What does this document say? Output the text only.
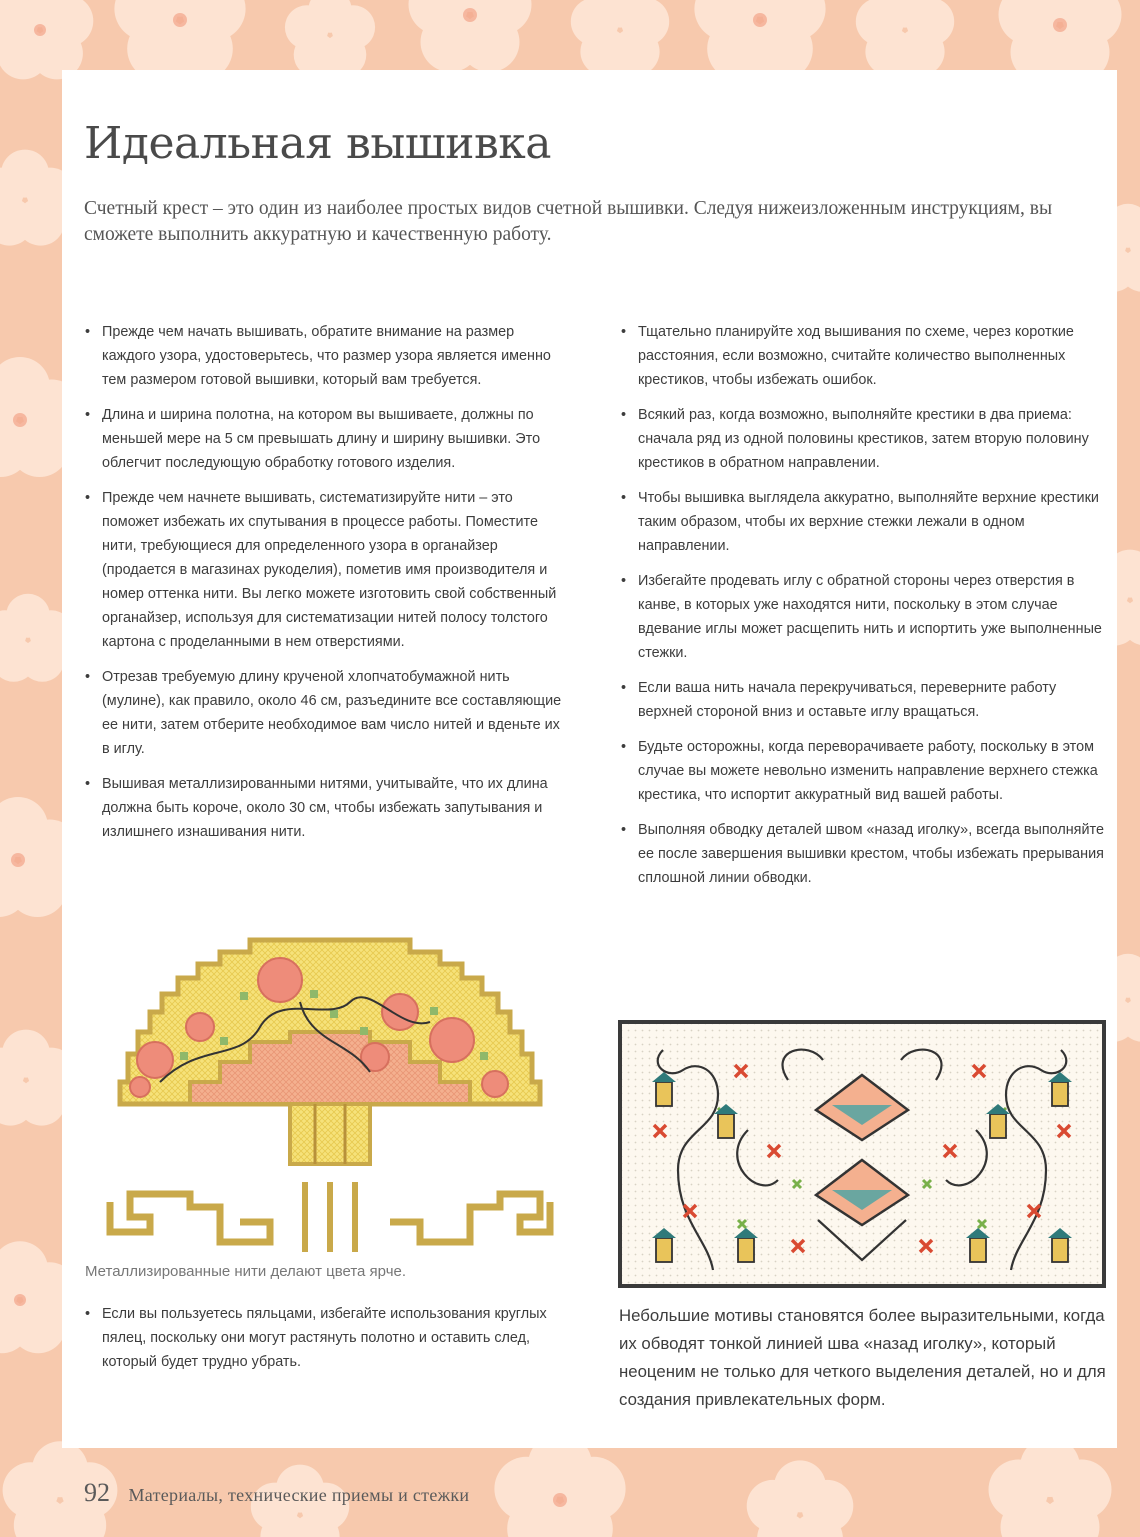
Идеальная вышивка

Счетный крест – это один из наиболее простых видов счетной вышивки. Следуя нижеизложенным инструкциям, вы сможете выполнить аккуратную и качественную работу.

• Прежде чем начать вышивать, обратите внимание на размер каждого узора, удостоверьтесь, что размер узора является именно тем размером готовой вышивки, который вам требуется.
• Длина и ширина полотна, на котором вы вышиваете, должны по меньшей мере на 5 см превышать длину и ширину вышивки. Это облегчит последующую обработку готового изделия.
• Прежде чем начнете вышивать, систематизируйте нити – это поможет избежать их спутывания в процессе работы. Поместите нити, требующиеся для определенного узора в органайзер (продается в магазинах рукоделия), пометив имя производителя и номер оттенка нити. Вы легко можете изготовить свой собственный органайзер, используя для систематизации нитей полосу толстого картона с проделанными в нем отверстиями.
• Отрезав требуемую длину крученой хлопчатобумажной нить (мулине), как правило, около 46 см, разъедините все составляющие ее нити, затем отберите необходимое вам число нитей и вденьте их в иглу.
• Вышивая металлизированными нитями, учитывайте, что их длина должна быть короче, около 30 см, чтобы избежать запутывания и излишнего изнашивания нити.
• Тщательно планируйте ход вышивания по схеме, через короткие расстояния, если возможно, считайте количество выполненных крестиков, чтобы избежать ошибок.
• Всякий раз, когда возможно, выполняйте крестики в два приема: сначала ряд из одной половины крестиков, затем вторую половину крестиков в обратном направлении.
• Чтобы вышивка выглядела аккуратно, выполняйте верхние крестики таким образом, чтобы их верхние стежки лежали в одном направлении.
• Избегайте продевать иглу с обратной стороны через отверстия в канве, в которых уже находятся нити, поскольку в этом случае вдевание иглы может расщепить нить и испортить уже выполненные стежки.
• Если ваша нить начала перекручиваться, переверните работу верхней стороной вниз и оставьте иглу вращаться.
• Будьте осторожны, когда переворачиваете работу, поскольку в этом случае вы можете невольно изменить направление верхнего стежка крестика, что испортит аккуратный вид вашей работы.
• Выполняя обводку деталей швом «назад иголку», всегда выполняйте ее после завершения вышивки крестом, чтобы избежать прерывания сплошной линии обводки.
Металлизированные нити делают цвета ярче.
• Если вы пользуетесь пяльцами, избегайте использования круглых пялец, поскольку они могут растянуть полотно и оставить след, который будет трудно убрать.

Небольшие мотивы становятся более выразительными, когда их обводят тонкой линией шва «назад иголку», который неоценим не только для четкого выделения деталей, но и для создания привлекательных форм.

92 Материалы, технические приемы и стежки
